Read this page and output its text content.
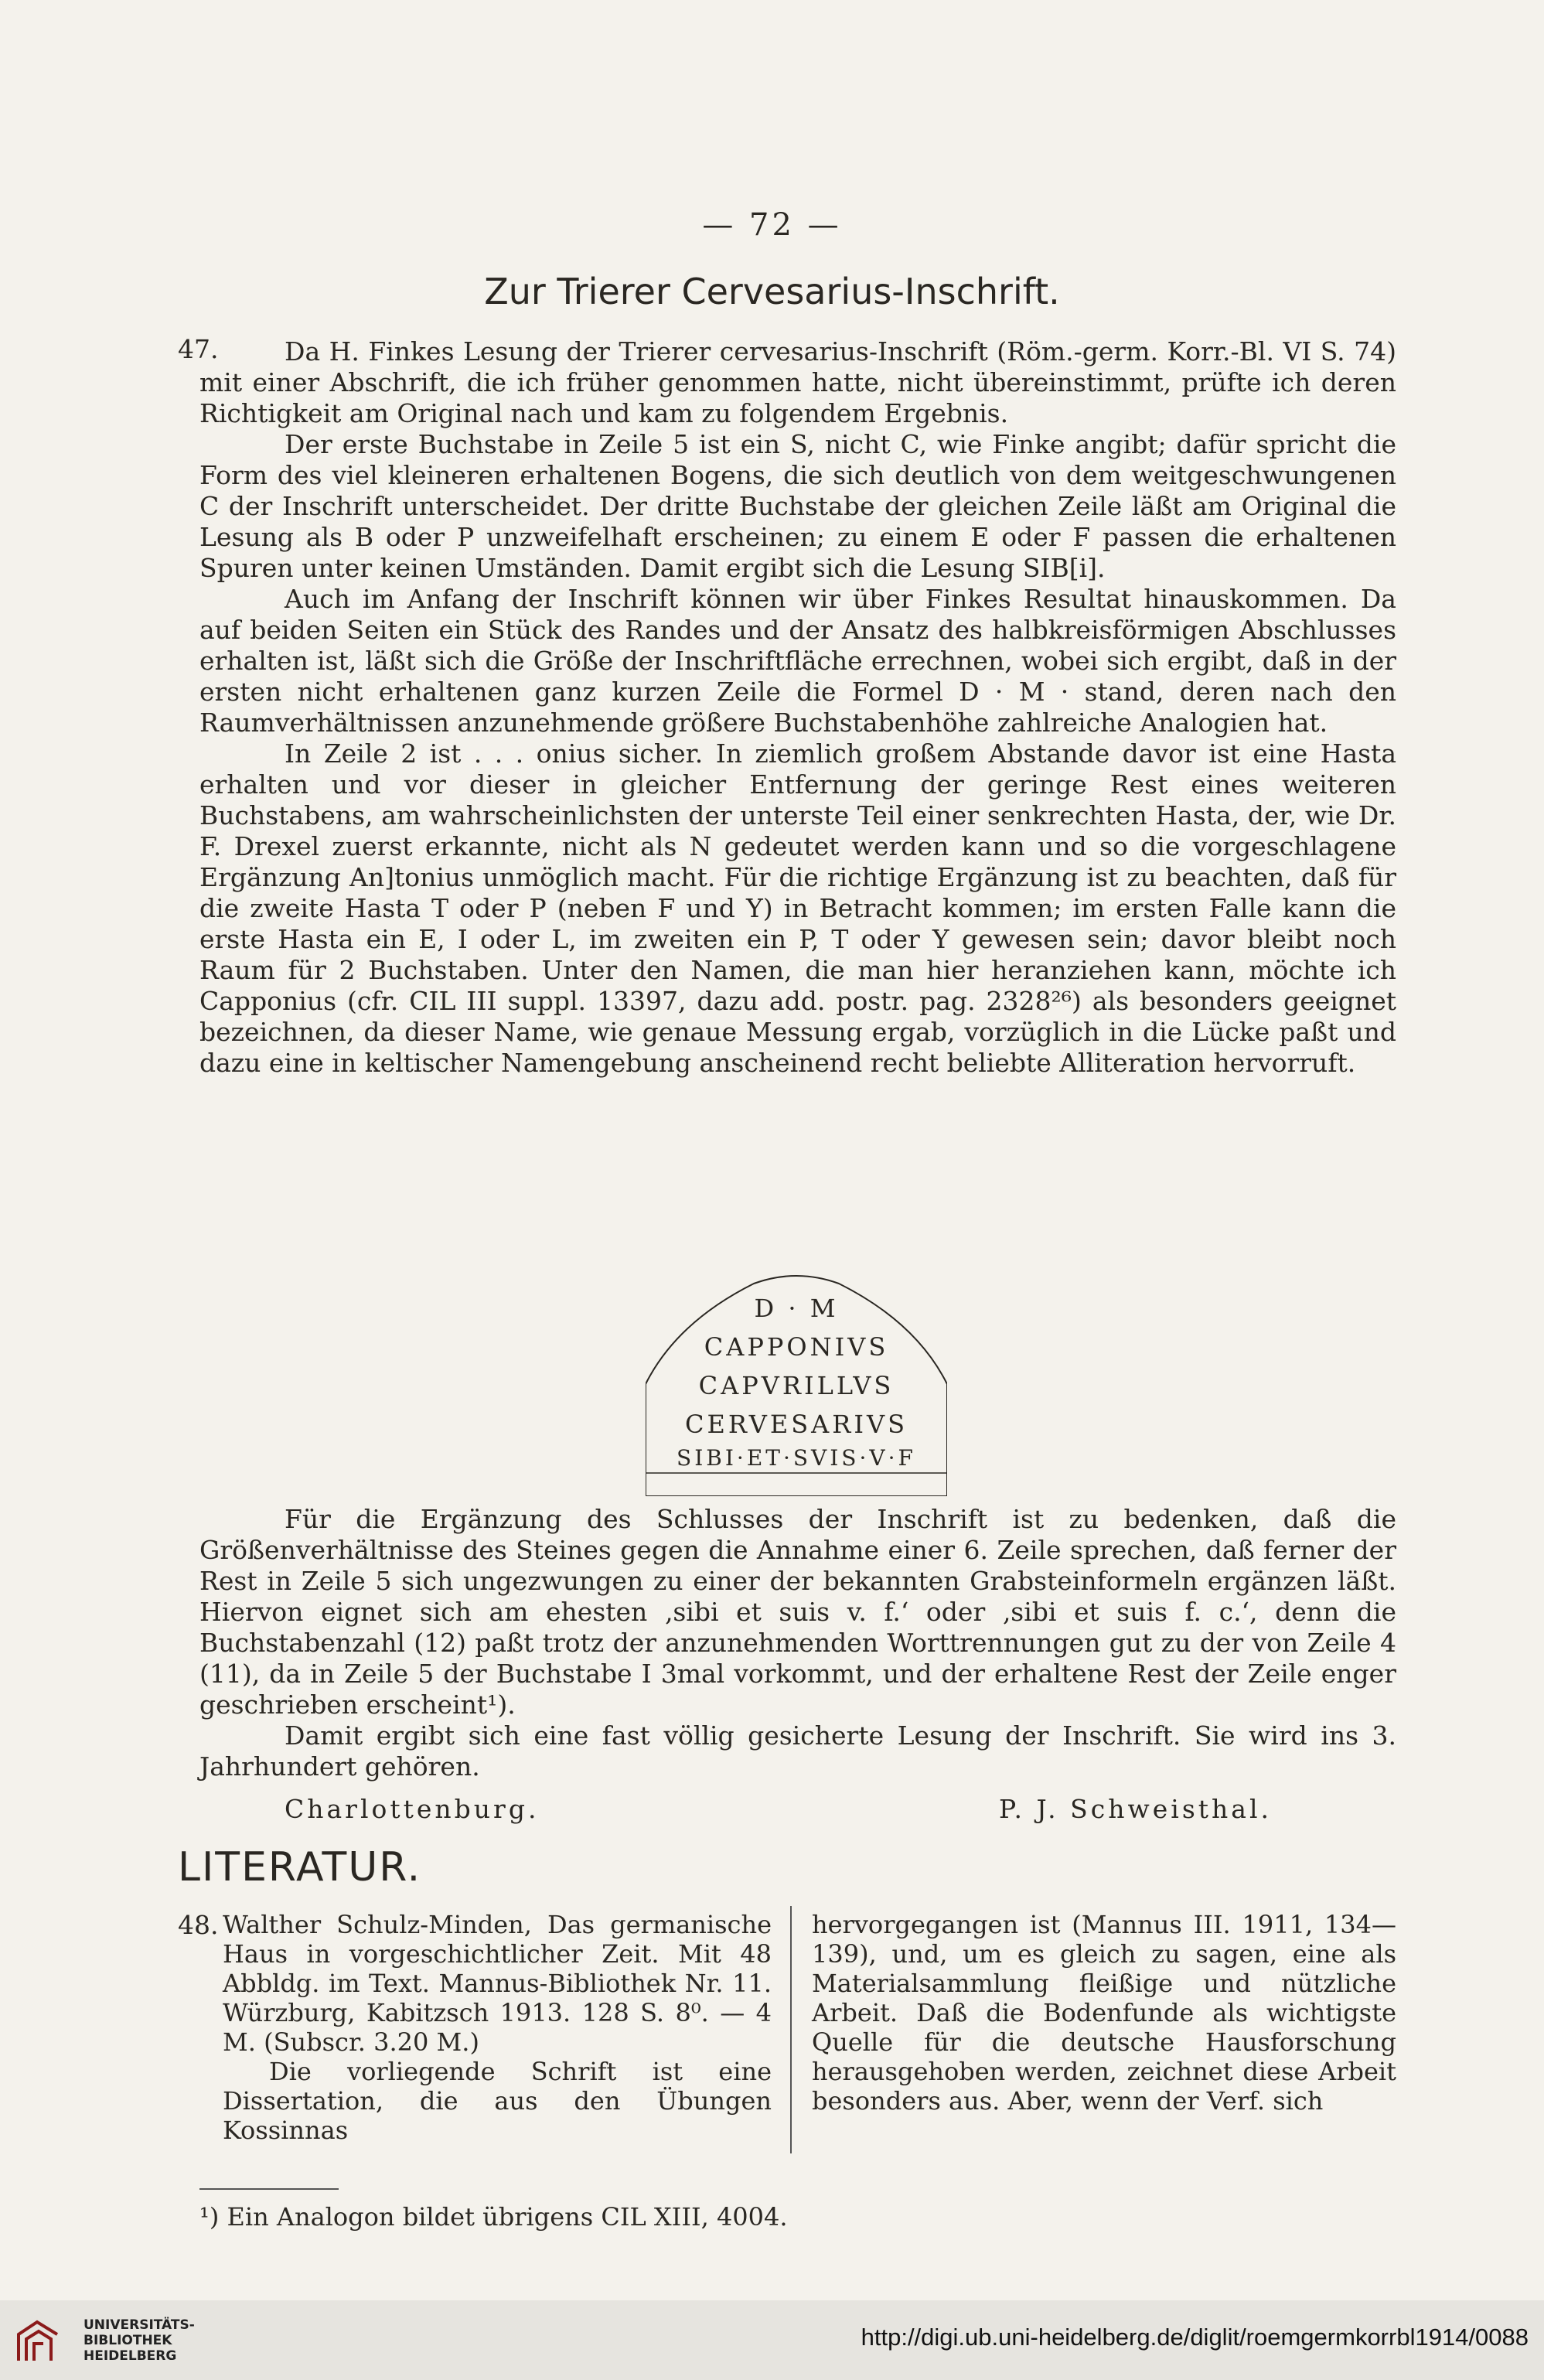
— 72 —
Zur Trierer Cervesarius-Inschrift.
47.	Da H. Finkes Lesung der Trierer cervesarius-Inschrift (Röm.-germ. Korr.-Bl. VI S. 74) mit einer Abschrift, die ich früher genommen hatte, nicht übereinstimmt, prüfte ich deren Richtigkeit am Original nach und kam zu folgendem Ergebnis.

Der erste Buchstabe in Zeile 5 ist ein S, nicht C, wie Finke angibt; dafür spricht die Form des viel kleineren erhaltenen Bogens, die sich deutlich von dem weitgeschwungenen C der Inschrift unterscheidet. Der dritte Buchstabe der gleichen Zeile läßt am Original die Lesung als B oder P unzweifelhaft erscheinen; zu einem E oder F passen die erhaltenen Spuren unter keinen Umständen. Damit ergibt sich die Lesung SIB[i].

Auch im Anfang der Inschrift können wir über Finkes Resultat hinauskommen. Da auf beiden Seiten ein Stück des Randes und der Ansatz des halbkreisförmigen Abschlusses erhalten ist, läßt sich die Größe der Inschriftfläche errechnen, wobei sich ergibt, daß in der ersten nicht erhaltenen ganz kurzen Zeile die Formel D · M · stand, deren nach den Raumverhältnissen anzunehmende größere Buchstabenhöhe zahlreiche Analogien hat.

In Zeile 2 ist . . . onius sicher. In ziemlich großem Abstande davor ist eine Hasta erhalten und vor dieser in gleicher Entfernung der geringe Rest eines weiteren Buchstabens, am wahrscheinlichsten der unterste Teil einer senkrechten Hasta, der, wie Dr. F. Drexel zuerst erkannte, nicht als N gedeutet werden kann und so die vorgeschlagene Ergänzung An]tonius unmöglich macht. Für die richtige Ergänzung ist zu beachten, daß für die zweite Hasta T oder P (neben F und Y) in Betracht kommen; im ersten Falle kann die erste Hasta ein E, I oder L, im zweiten ein P, T oder Y gewesen sein; davor bleibt noch Raum für 2 Buchstaben. Unter den Namen, die man hier heranziehen kann, möchte ich Capponius (cfr. CIL III suppl. 13397, dazu add. postr. pag. 2328²⁶) als besonders geeignet bezeichnen, da dieser Name, wie genaue Messung ergab, vorzüglich in die Lücke paßt und dazu eine in keltischer Namengebung anscheinend recht beliebte Alliteration hervorruft.

D · M
CAPPONIVS
CAPVRILLVS
CERVESARIVS
SIBI·ET·SVIS·V·F

Für die Ergänzung des Schlusses der Inschrift ist zu bedenken, daß die Größenverhältnisse des Steines gegen die Annahme einer 6. Zeile sprechen, daß ferner der Rest in Zeile 5 sich ungezwungen zu einer der bekannten Grabsteinformeln ergänzen läßt. Hiervon eignet sich am ehesten ‚sibi et suis v. f.‘ oder ‚sibi et suis f. c.‘, denn die Buchstabenzahl (12) paßt trotz der anzunehmenden Worttrennungen gut zu der von Zeile 4 (11), da in Zeile 5 der Buchstabe I 3mal vorkommt, und der erhaltene Rest der Zeile enger geschrieben erscheint¹).

Damit ergibt sich eine fast völlig gesicherte Lesung der Inschrift. Sie wird ins 3. Jahrhundert gehören.

Charlottenburg.	P. J. Schweisthal.
LITERATUR.
48. Walther Schulz-Minden, Das germanische Haus in vorgeschichtlicher Zeit. Mit 48 Abbldg. im Text. Mannus-Bibliothek Nr. 11. Würzburg, Kabitzsch 1913. 128 S. 8⁰. — 4 M. (Subscr. 3.20 M.)

Die vorliegende Schrift ist eine Dissertation, die aus den Übungen Kossinnas

hervorgegangen ist (Mannus III. 1911, 134—139), und, um es gleich zu sagen, eine als Materialsammlung fleißige und nützliche Arbeit. Daß die Bodenfunde als wichtigste Quelle für die deutsche Hausforschung herausgehoben werden, zeichnet diese Arbeit besonders aus. Aber, wenn der Verf. sich

¹) Ein Analogon bildet übrigens CIL XIII, 4004.
UNIVERSITÄTS-
BIBLIOTHEK
HEIDELBERG
http://digi.ub.uni-heidelberg.de/diglit/roemgermkorrbl1914/0088
